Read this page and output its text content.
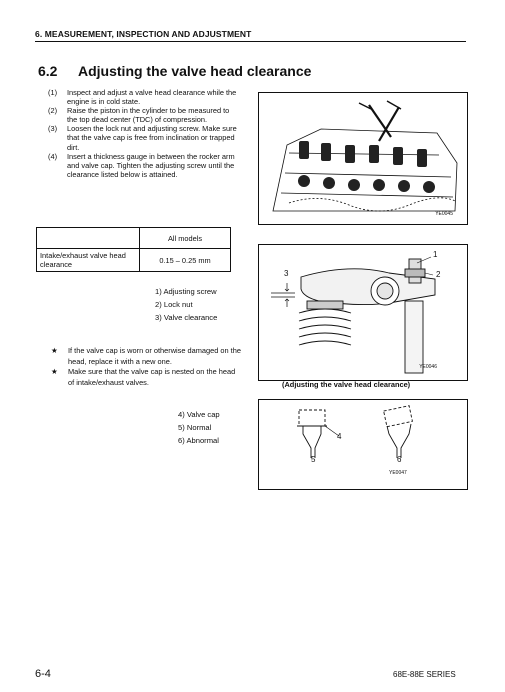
6. MEASUREMENT, INSPECTION AND ADJUSTMENT
6.2 Adjusting the valve head clearance

(1) Inspect and adjust a valve head clearance while the engine is in cold state.

(2) Raise the piston in the cylinder to be measured to the top dead center (TDC) of compression.

(3) Loosen the lock nut and adjusting screw. Make sure that the valve cap is free from inclination or trapped dirt.

(4) Insert a thickness gauge in between the rocker arm and valve cap. Tighten the adjusting screw until the clearance listed below is attained.

	All models
Intake/exhaust valve head clearance	0.15 – 0.25 mm
1) Adjusting screw
2) Lock nut
3) Valve clearance

★ If the valve cap is worn or otherwise damaged on the head, replace it with a new one.

★ Make sure that the valve cap is nested on the head of intake/exhaust valves.

4) Valve cap
5) Normal
6) Abnormal
YE0045
1
2
3
YE0046
(Adjusting the valve head clearance)
4
5	6
YE0047
6-4	68E-88E SERIES
